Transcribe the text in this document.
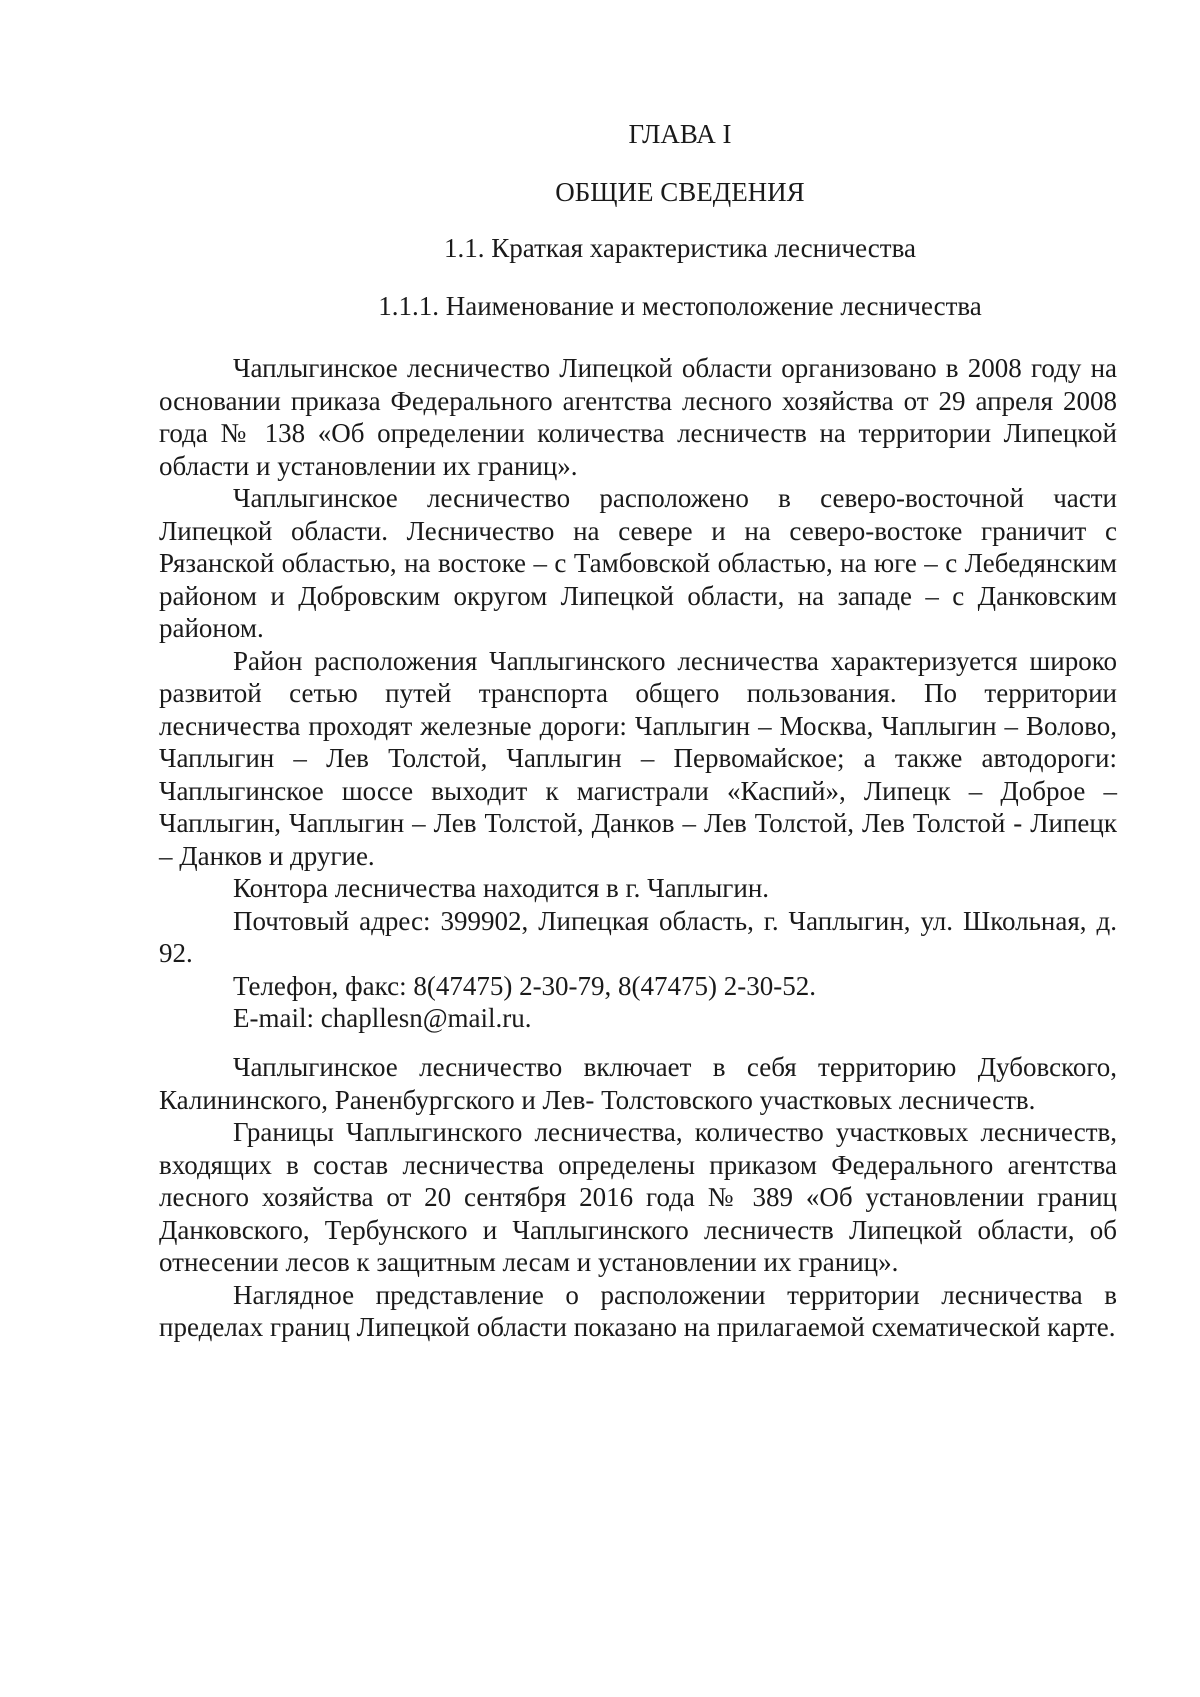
ГЛАВА I
ОБЩИЕ СВЕДЕНИЯ
1.1. Краткая характеристика лесничества
1.1.1. Наименование и местоположение лесничества

Чаплыгинское лесничество Липецкой области организовано в 2008 году на основании приказа Федерального агентства лесного хозяйства от 29 апреля 2008 года № 138 «Об определении количества лесничеств на территории Липецкой области и установлении их границ».

Чаплыгинское лесничество расположено в северо-восточной части Липецкой области. Лесничество на севере и на северо-востоке граничит с Рязанской областью, на востоке – с Тамбовской областью, на юге – с Лебедянским районом и Добровским округом Липецкой области, на западе – с Данковским районом.

Район расположения Чаплыгинского лесничества характеризуется широко развитой сетью путей транспорта общего пользования. По территории лесничества проходят железные дороги: Чаплыгин – Москва, Чаплыгин – Волово, Чаплыгин – Лев Толстой, Чаплыгин – Первомайское; а также автодороги: Чаплыгинское шоссе выходит к магистрали «Каспий», Липецк – Доброе – Чаплыгин, Чаплыгин – Лев Толстой, Данков – Лев Толстой, Лев Толстой - Липецк – Данков и другие.

Контора лесничества находится в г. Чаплыгин.

Почтовый адрес: 399902, Липецкая область, г. Чаплыгин, ул. Школьная, д. 92.

Телефон, факс: 8(47475) 2-30-79, 8(47475) 2-30-52.

E-mail: chapllesn@mail.ru.

Чаплыгинское лесничество включает в себя территорию Дубовского, Калининского, Раненбургского и Лев- Толстовского участковых лесничеств.

Границы Чаплыгинского лесничества, количество участковых лесничеств, входящих в состав лесничества определены приказом Федерального агентства лесного хозяйства от 20 сентября 2016 года № 389 «Об установлении границ Данковского, Тербунского и Чаплыгинского лесничеств Липецкой области, об отнесении лесов к защитным лесам и установлении их границ».

Наглядное представление о расположении территории лесничества в пределах границ Липецкой области показано на прилагаемой схематической карте.
